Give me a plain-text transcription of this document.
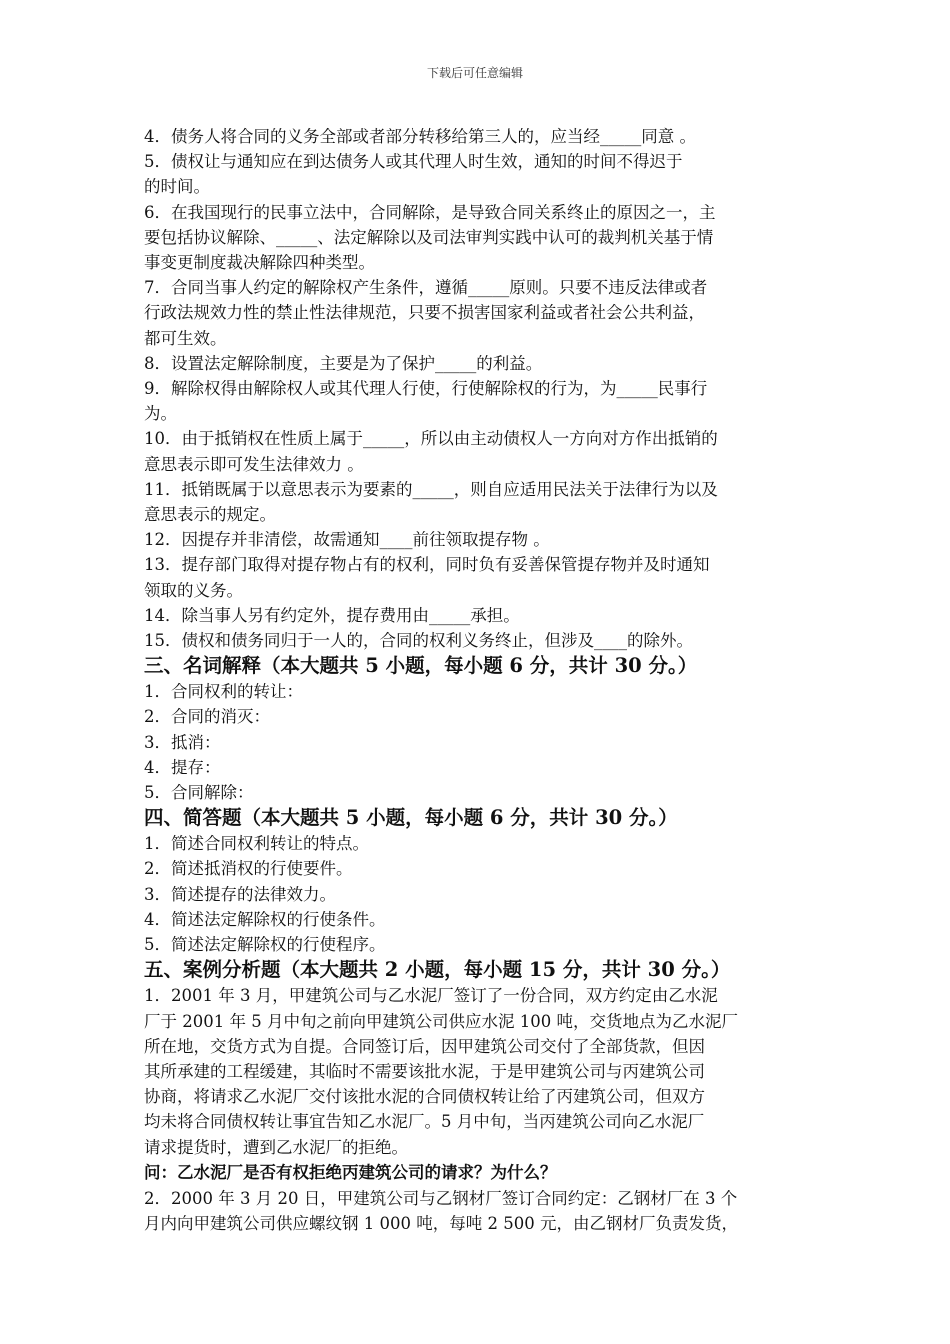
下载后可任意编辑
4．债务人将合同的义务全部或者部分转移给第三人的，应当经_____同意 。
5．债权让与通知应在到达债务人或其代理人时生效，通知的时间不得迟于
的时间。
6．在我国现行的民事立法中，合同解除，是导致合同关系终止的原因之一，主
要包括协议解除、_____、法定解除以及司法审判实践中认可的裁判机关基于情
事变更制度裁决解除四种类型。
7．合同当事人约定的解除权产生条件，遵循_____原则。只要不违反法律或者
行政法规效力性的禁止性法律规范，只要不损害国家利益或者社会公共利益，
都可生效。
8．设置法定解除制度，主要是为了保护_____的利益。
9．解除权得由解除权人或其代理人行使，行使解除权的行为，为_____民事行
为。
10．由于抵销权在性质上属于_____，所以由主动债权人一方向对方作出抵销的
意思表示即可发生法律效力 。
11．抵销既属于以意思表示为要素的_____，则自应适用民法关于法律行为以及
意思表示的规定。
12．因提存并非清偿，故需通知____前往领取提存物 。
13．提存部门取得对提存物占有的权利，同时负有妥善保管提存物并及时通知
领取的义务。
14．除当事人另有约定外，提存费用由_____承担。
15．债权和债务同归于一人的，合同的权利义务终止，但涉及____的除外。
三、名词解释（本大题共 5 小题，每小题 6 分，共计 30 分。）
1．合同权利的转让：
2．合同的消灭：
3．抵消：
4．提存：
5．合同解除：
四、简答题（本大题共 5 小题，每小题 6 分，共计 30 分。）
1．简述合同权利转让的特点。
2．简述抵消权的行使要件。
3．简述提存的法律效力。
4．简述法定解除权的行使条件。
5．简述法定解除权的行使程序。
五、案例分析题（本大题共 2 小题，每小题 15 分，共计 30 分。）
1．2001 年 3 月，甲建筑公司与乙水泥厂签订了一份合同，双方约定由乙水泥
厂于 2001 年 5 月中旬之前向甲建筑公司供应水泥 100 吨，交货地点为乙水泥厂
所在地，交货方式为自提。合同签订后，因甲建筑公司交付了全部货款，但因
其所承建的工程缓建，其临时不需要该批水泥，于是甲建筑公司与丙建筑公司
协商，将请求乙水泥厂交付该批水泥的合同债权转让给了丙建筑公司，但双方
均未将合同债权转让事宜告知乙水泥厂。5 月中旬，当丙建筑公司向乙水泥厂
请求提货时，遭到乙水泥厂的拒绝。
问：乙水泥厂是否有权拒绝丙建筑公司的请求？为什么？
2．2000 年 3 月 20 日，甲建筑公司与乙钢材厂签订合同约定：乙钢材厂在 3 个
月内向甲建筑公司供应螺纹钢 1 000 吨，每吨 2 500 元，由乙钢材厂负责发货，
